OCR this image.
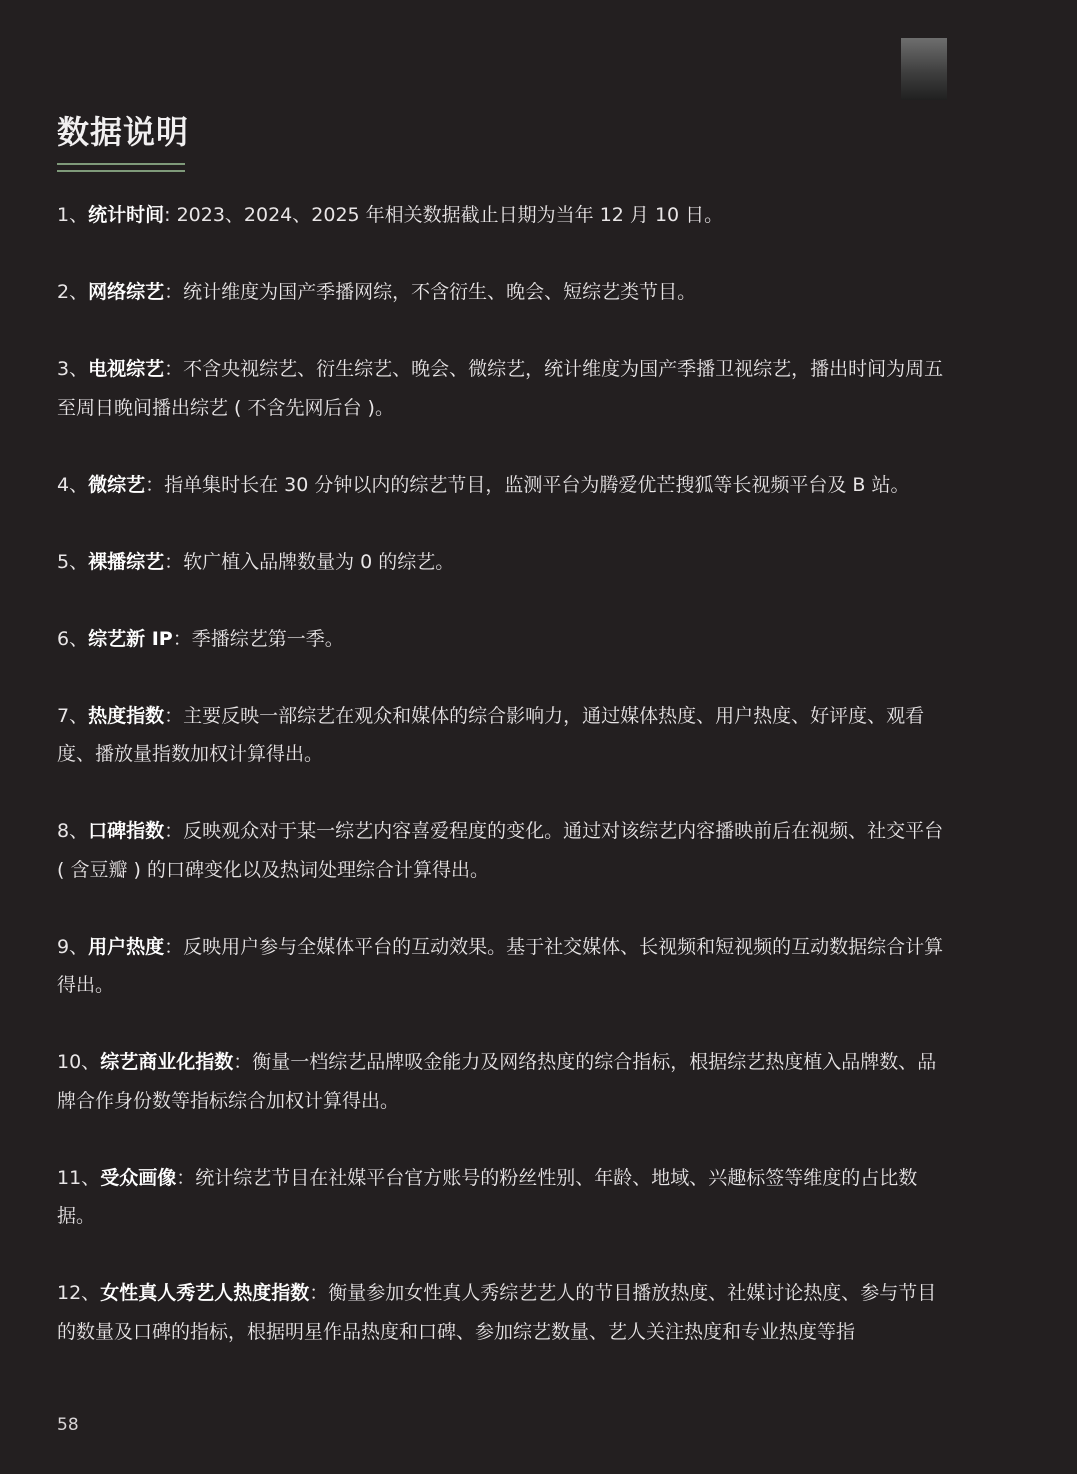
数据说明
1、统计时间: 2023、2024、2025 年相关数据截止日期为当年 12 月 10 日。
2、网络综艺：统计维度为国产季播网综，不含衍生、晚会、短综艺类节目。
3、电视综艺：不含央视综艺、衍生综艺、晚会、微综艺，统计维度为国产季播卫视综艺，播出时间为周五至周日晚间播出综艺 ( 不含先网后台 )。
4、微综艺：指单集时长在 30 分钟以内的综艺节目，监测平台为腾爱优芒搜狐等长视频平台及 B 站。
5、裸播综艺：软广植入品牌数量为 0 的综艺。
6、综艺新 IP：季播综艺第一季。
7、热度指数：主要反映一部综艺在观众和媒体的综合影响力，通过媒体热度、用户热度、好评度、观看度、播放量指数加权计算得出。
8、口碑指数：反映观众对于某一综艺内容喜爱程度的变化。通过对该综艺内容播映前后在视频、社交平台 ( 含豆瓣 ) 的口碑变化以及热词处理综合计算得出。
9、用户热度：反映用户参与全媒体平台的互动效果。基于社交媒体、长视频和短视频的互动数据综合计算得出。
10、综艺商业化指数：衡量一档综艺品牌吸金能力及网络热度的综合指标，根据综艺热度植入品牌数、品牌合作身份数等指标综合加权计算得出。
11、受众画像：统计综艺节目在社媒平台官方账号的粉丝性别、年龄、地域、兴趣标签等维度的占比数据。
12、女性真人秀艺人热度指数：衡量参加女性真人秀综艺艺人的节目播放热度、社媒讨论热度、参与节目的数量及口碑的指标，根据明星作品热度和口碑、参加综艺数量、艺人关注热度和专业热度等指
58
